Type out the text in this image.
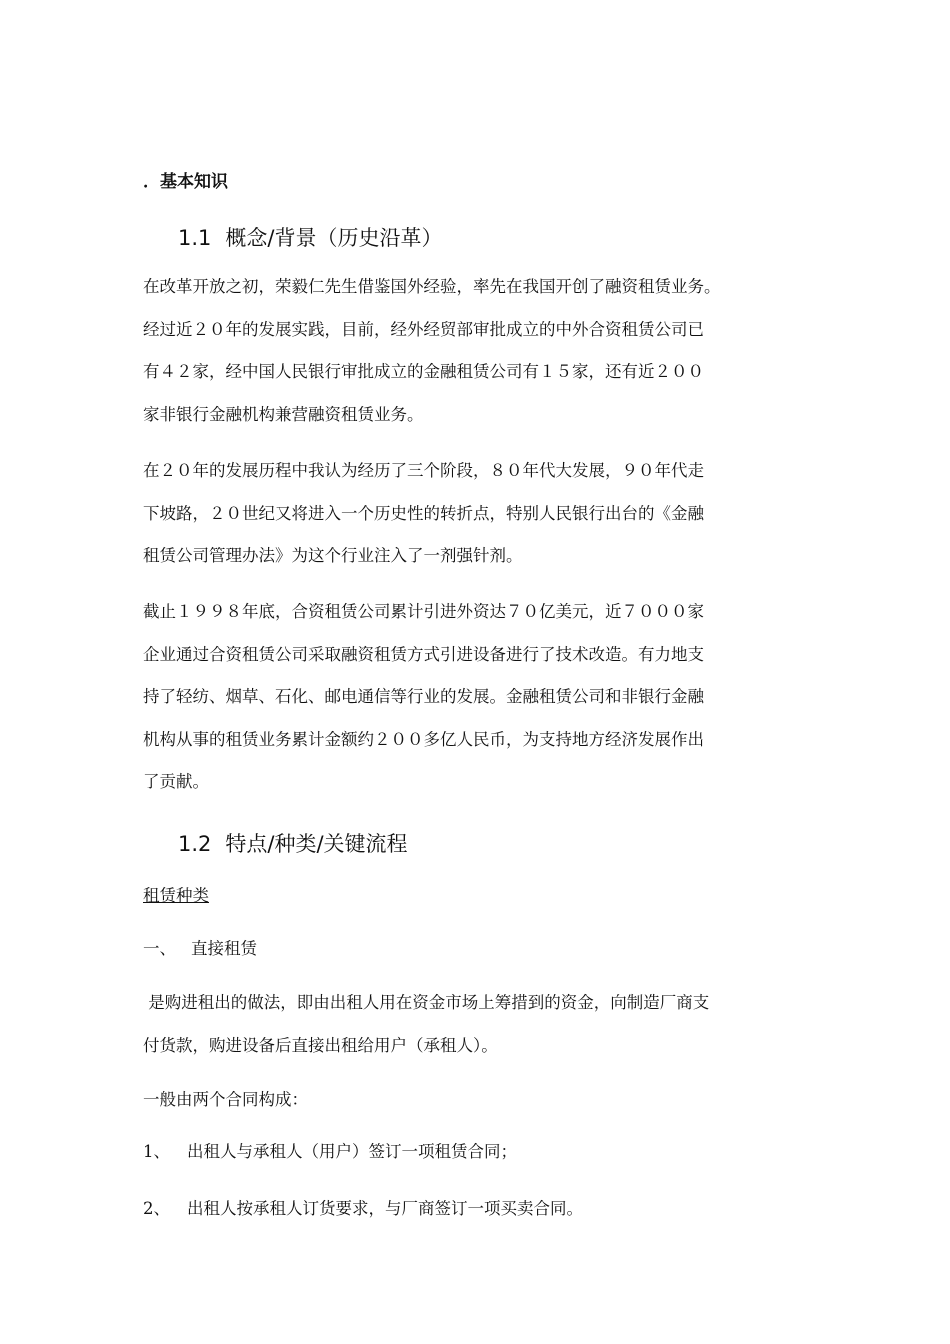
．基本知识
1.1 概念/背景（历史沿革）
在改革开放之初，荣毅仁先生借鉴国外经验，率先在我国开创了融资租赁业务。
经过近２０年的发展实践，目前，经外经贸部审批成立的中外合资租赁公司已
有４２家，经中国人民银行审批成立的金融租赁公司有１５家，还有近２００
家非银行金融机构兼营融资租赁业务。
在２０年的发展历程中我认为经历了三个阶段，８０年代大发展，９０年代走
下坡路，２０世纪又将进入一个历史性的转折点，特别人民银行出台的《金融
租赁公司管理办法》为这个行业注入了一剂强针剂。
截止１９９８年底，合资租赁公司累计引进外资达７０亿美元，近７０００家
企业通过合资租赁公司采取融资租赁方式引进设备进行了技术改造。有力地支
持了轻纺、烟草、石化、邮电通信等行业的发展。金融租赁公司和非银行金融
机构从事的租赁业务累计金额约２００多亿人民币，为支持地方经济发展作出
了贡献。
1.2 特点/种类/关键流程
租赁种类
一、 直接租赁
是购进租出的做法，即由出租人用在资金市场上筹措到的资金，向制造厂商支
付货款，购进设备后直接出租给用户（承租人）。
一般由两个合同构成：
1、 出租人与承租人（用户）签订一项租赁合同；
2、 出租人按承租人订货要求，与厂商签订一项买卖合同。
